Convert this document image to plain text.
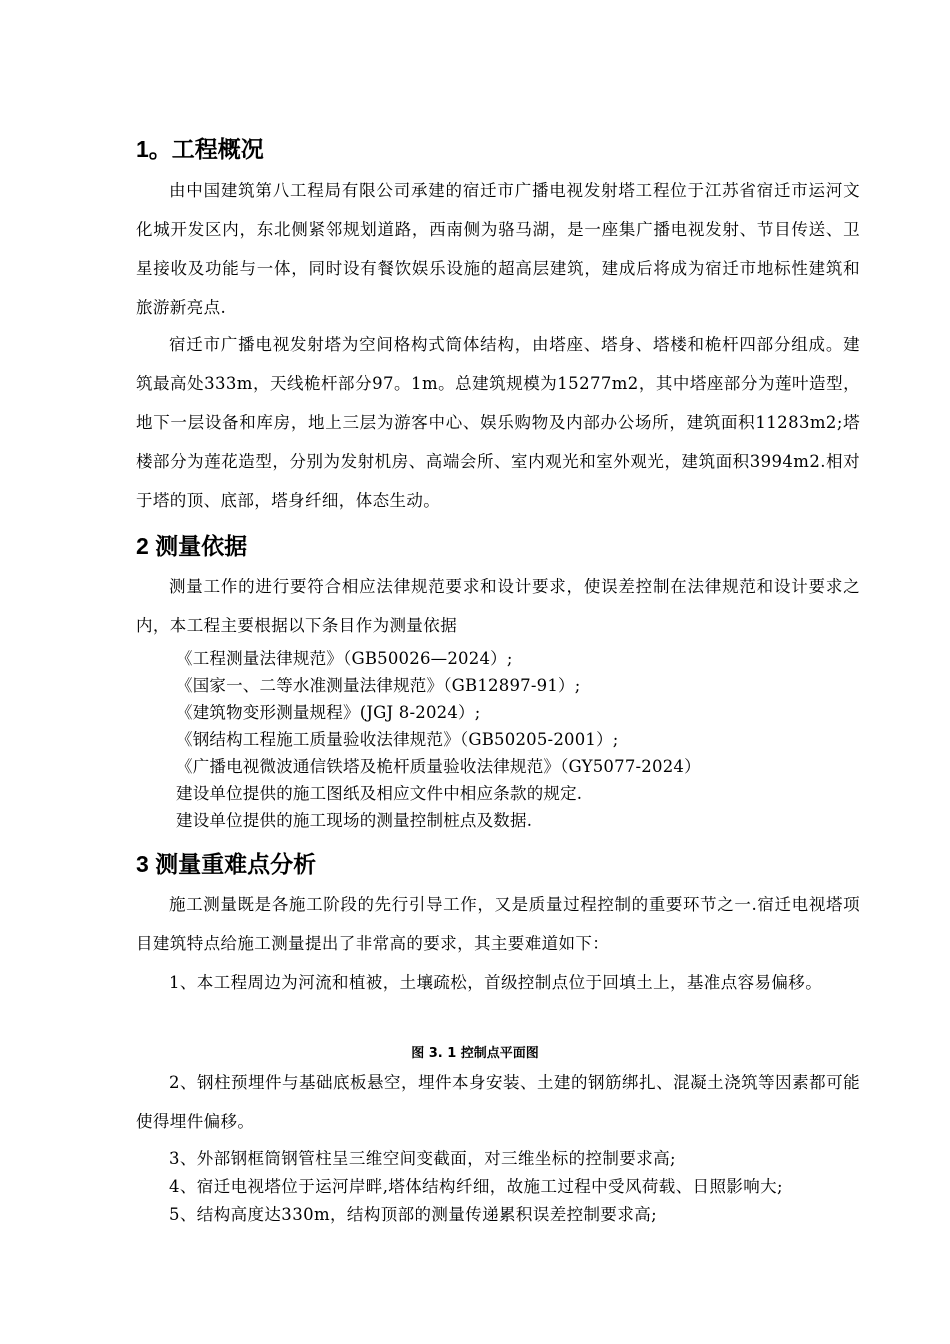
1。工程概况
由中国建筑第八工程局有限公司承建的宿迁市广播电视发射塔工程位于江苏省宿迁市运河文化城开发区内，东北侧紧邻规划道路，西南侧为骆马湖，是一座集广播电视发射、节目传送、卫星接收及功能与一体，同时设有餐饮娱乐设施的超高层建筑，建成后将成为宿迁市地标性建筑和旅游新亮点.
宿迁市广播电视发射塔为空间格构式筒体结构，由塔座、塔身、塔楼和桅杆四部分组成。建筑最高处333m，天线桅杆部分97。1m。总建筑规模为15277m2，其中塔座部分为莲叶造型，地下一层设备和库房，地上三层为游客中心、娱乐购物及内部办公场所，建筑面积11283m2;塔楼部分为莲花造型，分别为发射机房、高端会所、室内观光和室外观光，建筑面积3994m2.相对于塔的顶、底部，塔身纤细，体态生动。
2 测量依据
测量工作的进行要符合相应法律规范要求和设计要求，使误差控制在法律规范和设计要求之内，本工程主要根据以下条目作为测量依据
《工程测量法律规范》（GB50026—2024）;
《国家一、二等水准测量法律规范》（GB12897-91）;
《建筑物变形测量规程》(JGJ 8-2024）;
《钢结构工程施工质量验收法律规范》（GB50205-2001）;
《广播电视微波通信铁塔及桅杆质量验收法律规范》（GY5077-2024）
建设单位提供的施工图纸及相应文件中相应条款的规定.
建设单位提供的施工现场的测量控制桩点及数据.
3 测量重难点分析
施工测量既是各施工阶段的先行引导工作，又是质量过程控制的重要环节之一.宿迁电视塔项目建筑特点给施工测量提出了非常高的要求，其主要难道如下：
1、本工程周边为河流和植被，土壤疏松，首级控制点位于回填土上，基准点容易偏移。
图 3. 1 控制点平面图
2、钢柱预埋件与基础底板悬空，埋件本身安装、土建的钢筋绑扎、混凝土浇筑等因素都可能使得埋件偏移。
3、外部钢框筒钢管柱呈三维空间变截面，对三维坐标的控制要求高;
4、宿迁电视塔位于运河岸畔,塔体结构纤细，故施工过程中受风荷载、日照影响大;
5、结构高度达330m，结构顶部的测量传递累积误差控制要求高;
